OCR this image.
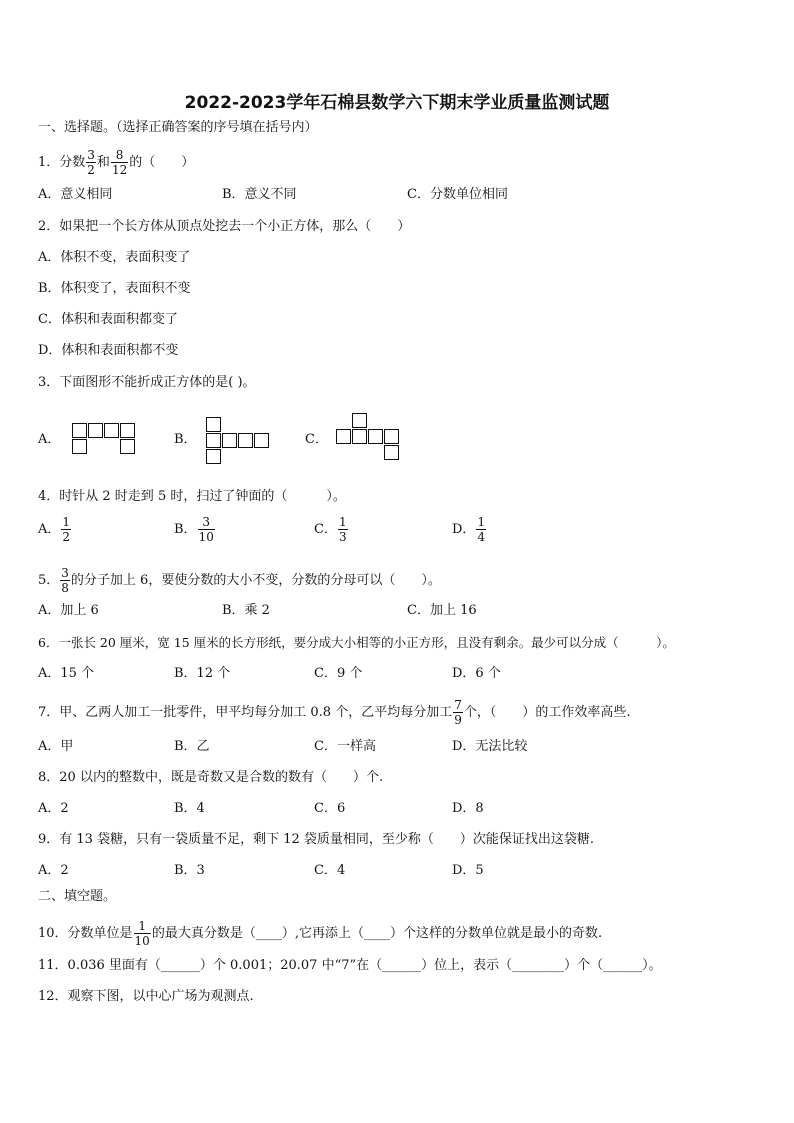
2022-2023学年石棉县数学六下期末学业质量监测试题
一、选择题。（选择正确答案的序号填在括号内）
1．分数 $\frac{3}{2}$ 和 $\frac{8}{12}$ 的（　　）
A．意义相同	B．意义不同	C．分数单位相同
2．如果把一个长方体从顶点处挖去一个小正方体，那么（　　）
A．体积不变，表面积变了
B．体积变了，表面积不变
C．体积和表面积都变了
D．体积和表面积都不变
3．下面图形不能折成正方体的是( )。
A．	B．	C．
4．时针从 2 时走到 5 时，扫过了钟面的（　　　）。
A． $\frac{1}{2}$	B． $\frac{3}{10}$	C． $\frac{1}{3}$	D． $\frac{1}{4}$
5． $\frac{3}{8}$ 的分子加上 6，要使分数的大小不变，分数的分母可以（　　）。
A．加上 6	B．乘 2	C．加上 16
6．一张长 20 厘米，宽 15 厘米的长方形纸，要分成大小相等的小正方形，且没有剩余。最少可以分成（　　　）。
A．15 个	B．12 个	C．9 个	D．6 个
7．甲、乙两人加工一批零件，甲平均每分加工 0.8 个，乙平均每分加工 $\frac{7}{9}$ 个，（　　）的工作效率高些.
A．甲	B．乙	C．一样高	D．无法比较
8．20 以内的整数中，既是奇数又是合数的数有（　　）个.
A．2	B．4	C．6	D．8
9．有 13 袋糖，只有一袋质量不足，剩下 12 袋质量相同，至少称（　　）次能保证找出这袋糖.
A．2	B．3	C．4	D．5
二、填空题。
10．分数单位是 $\frac{1}{10}$ 的最大真分数是（____）,它再添上（____）个这样的分数单位就是最小的奇数.
11．0.036 里面有（______）个 0.001；20.07 中“7”在（______）位上，表示（________）个（______）。
12．观察下图，以中心广场为观测点.
